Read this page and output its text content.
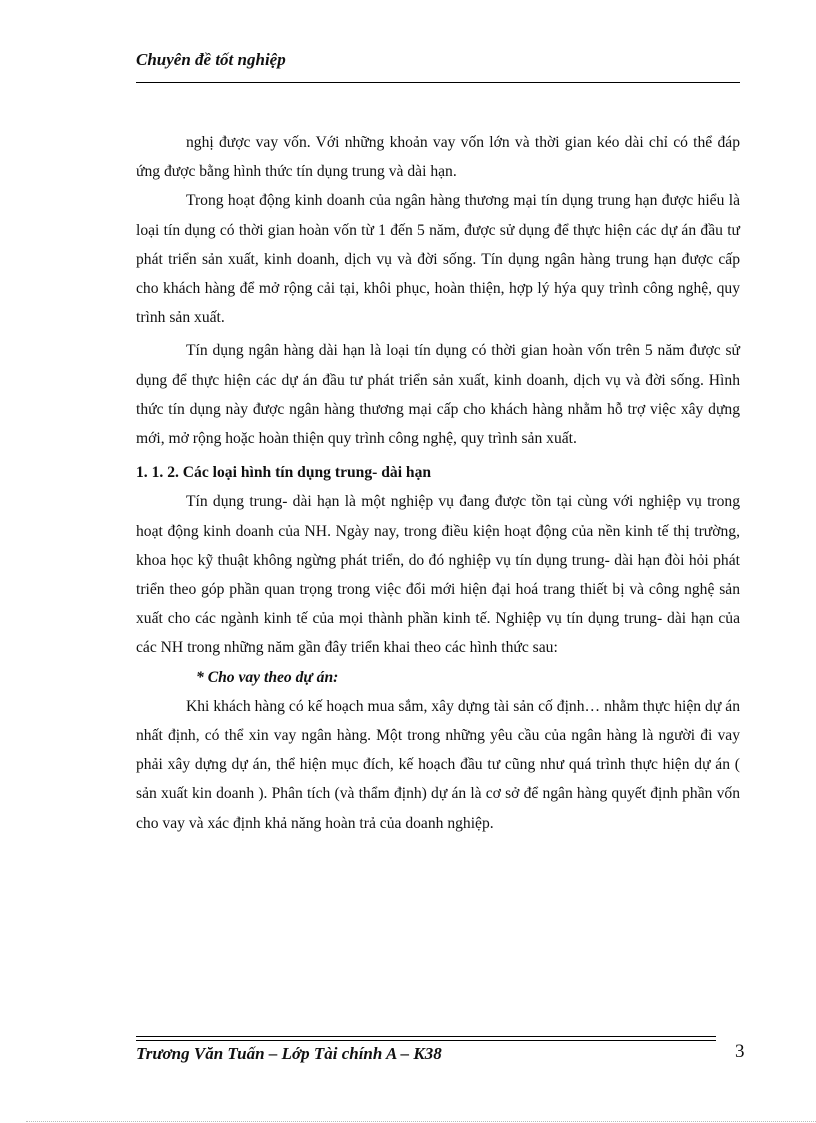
Chuyên đề tốt nghiệp

nghị được vay vốn. Với những khoản vay vốn lớn và thời gian kéo dài chỉ có thể đáp ứng được bằng hình thức tín dụng trung và dài hạn.

Trong hoạt động kinh doanh của ngân hàng thương mại tín dụng trung hạn được hiểu là loại tín dụng có thời gian hoàn vốn từ 1 đến 5 năm, được sử dụng để thực hiện các dự án đầu tư phát triển sản xuất, kinh doanh, dịch vụ và đời sống. Tín dụng ngân hàng trung hạn được cấp cho khách hàng để mở rộng cải tại, khôi phục, hoàn thiện, hợp lý hýa quy trình công nghệ, quy trình sản xuất.

Tín dụng ngân hàng dài hạn là loại tín dụng có thời gian hoàn vốn trên 5 năm được sử dụng để thực hiện các dự án đầu tư phát triển sản xuất, kinh doanh, dịch vụ và đời sống. Hình thức tín dụng này được ngân hàng thương mại cấp cho khách hàng nhằm hỗ trợ việc xây dựng mới, mở rộng hoặc hoàn thiện quy trình công nghệ, quy trình sản xuất.

1. 1. 2. Các loại hình tín dụng trung- dài hạn

Tín dụng trung- dài hạn là một nghiệp vụ đang được tồn tại cùng với nghiệp vụ trong hoạt động kinh doanh của NH. Ngày nay, trong điều kiện hoạt động của nền kinh tế thị trường, khoa học kỹ thuật không ngừng phát triển, do đó nghiệp vụ tín dụng trung- dài hạn đòi hỏi phát triển theo góp phần quan trọng trong việc đổi mới hiện đại hoá trang thiết bị và công nghệ sản xuất cho các ngành kinh tế của mọi thành phần kinh tế. Nghiệp vụ tín dụng trung- dài hạn của các NH trong những năm gần đây triển khai theo các hình thức sau:

* Cho vay theo dự án:

Khi khách hàng có kế hoạch mua sắm, xây dựng tài sản cố định… nhằm thực hiện dự án nhất định, có thể xin vay ngân hàng. Một trong những yêu cầu của ngân hàng là người đi vay phải xây dựng dự án, thể hiện mục đích, kế hoạch đầu tư cũng như quá trình thực hiện dự án ( sản xuất kin doanh ). Phân tích (và thẩm định) dự án là cơ sở để ngân hàng quyết định phần vốn cho vay và xác định khả năng hoàn trả của doanh nghiệp.

Trương Văn Tuấn – Lớp Tài chính A – K38	3
